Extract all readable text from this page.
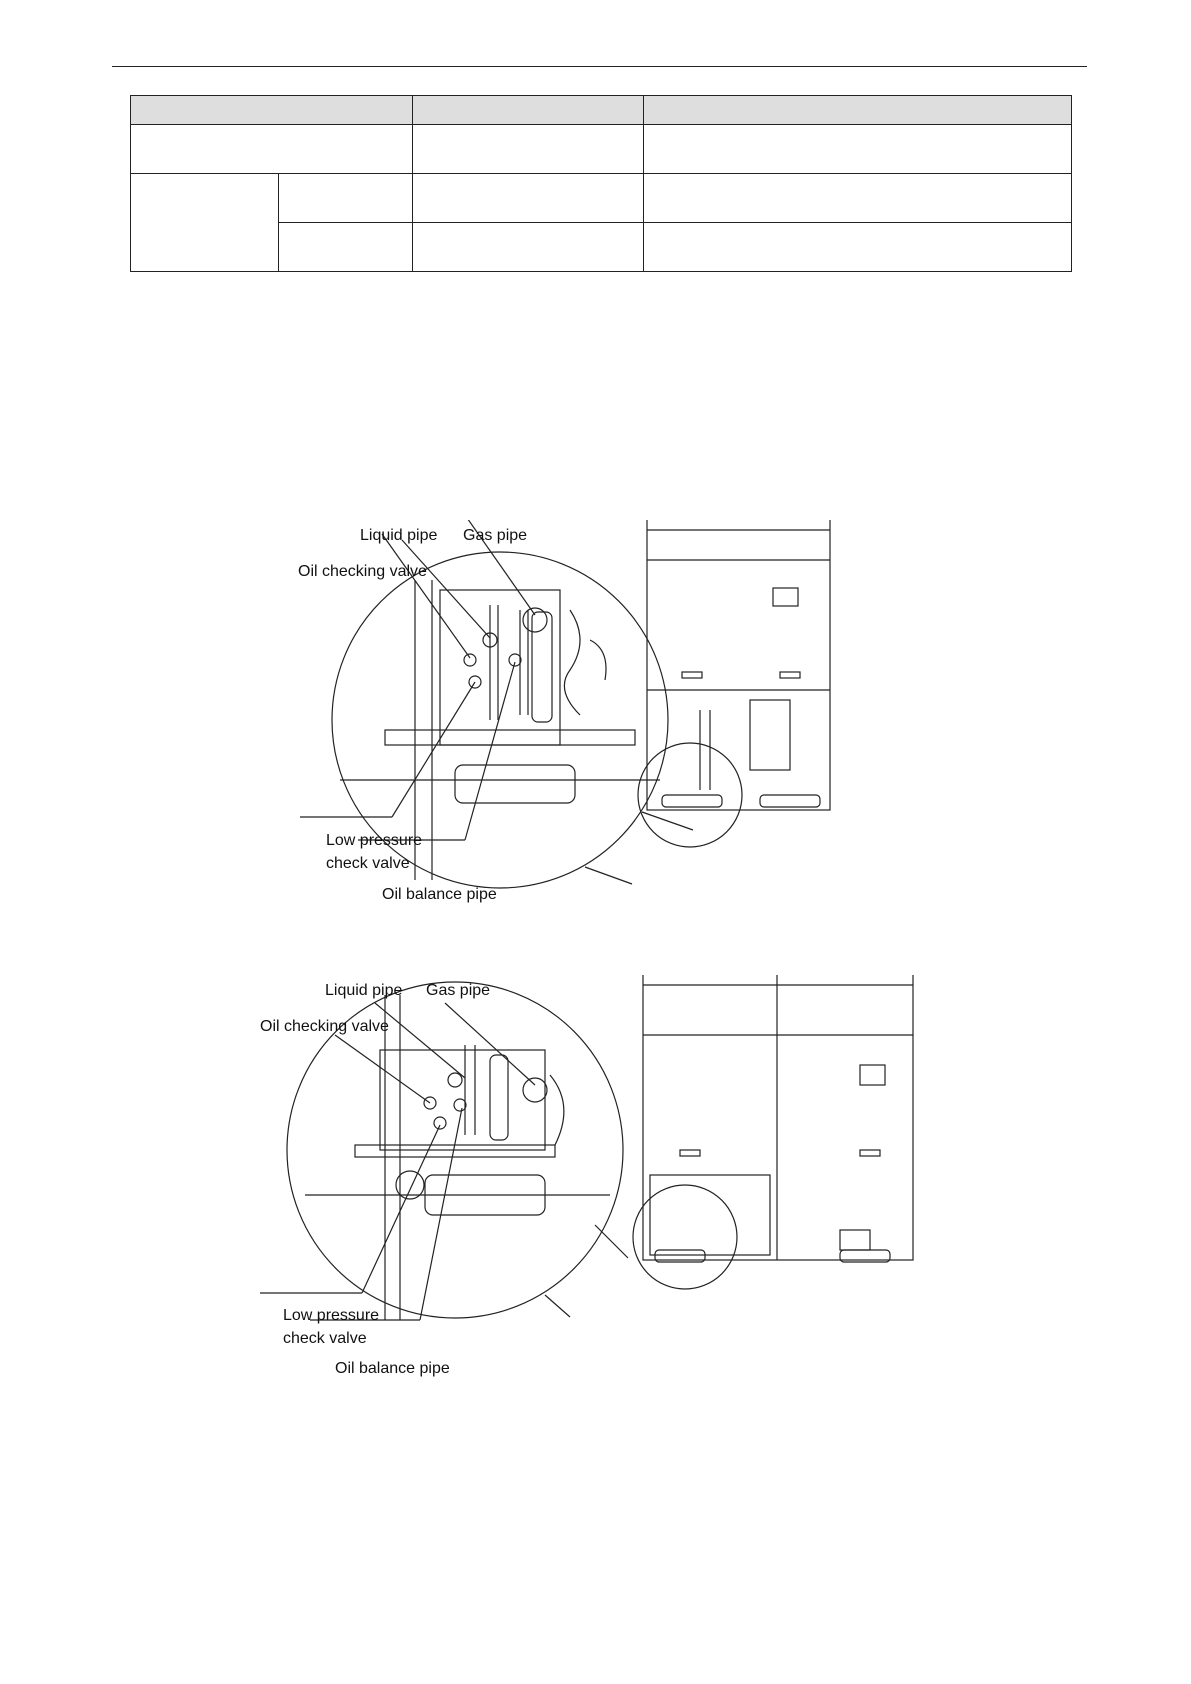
Liquid pipe Gas pipe
Oil checking valve
Low pressure
check valve
Oil balance pipe
Liquid pipe Gas pipe
Oil checking valve
Low pressure
check valve
Oil balance pipe
